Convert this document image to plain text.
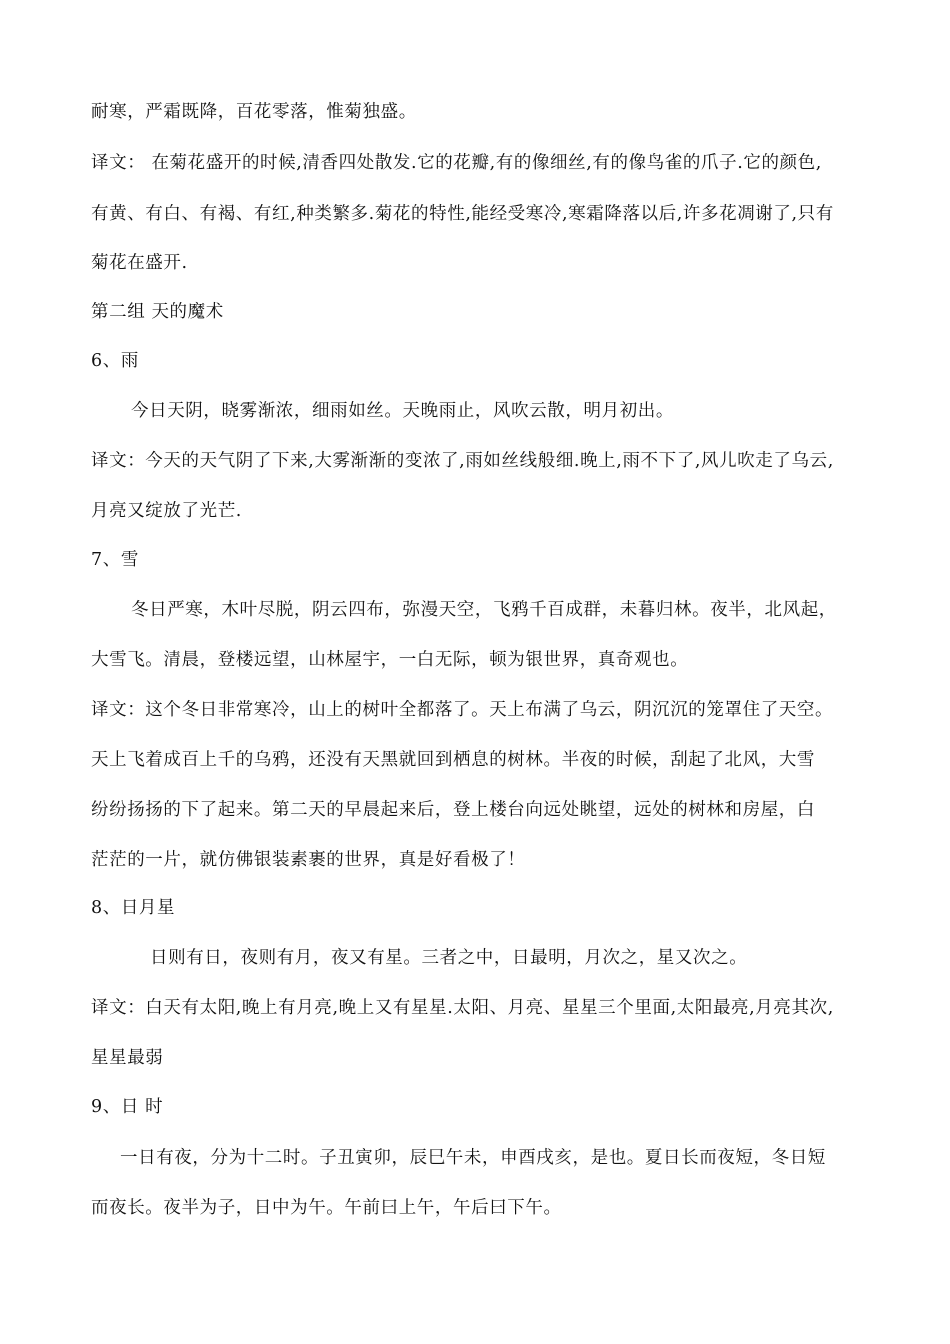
耐寒，严霜既降，百花零落，惟菊独盛。
译文： 在菊花盛开的时候,清香四处散发.它的花瓣,有的像细丝,有的像鸟雀的爪子.它的颜色,
有黄、有白、有褐、有红,种类繁多.菊花的特性,能经受寒冷,寒霜降落以后,许多花凋谢了,只有
菊花在盛开.
第二组 天的魔术
6、雨
今日天阴，晓雾渐浓，细雨如丝。天晚雨止，风吹云散，明月初出。
译文：今天的天气阴了下来,大雾渐渐的变浓了,雨如丝线般细.晚上,雨不下了,风儿吹走了乌云,
月亮又绽放了光芒.
7、雪
冬日严寒，木叶尽脱，阴云四布，弥漫天空，飞鸦千百成群，未暮归林。夜半，北风起，
大雪飞。清晨，登楼远望，山林屋宇，一白无际，顿为银世界，真奇观也。
译文：这个冬日非常寒冷，山上的树叶全都落了。天上布满了乌云，阴沉沉的笼罩住了天空。
天上飞着成百上千的乌鸦，还没有天黑就回到栖息的树林。半夜的时候，刮起了北风，大雪
纷纷扬扬的下了起来。第二天的早晨起来后，登上楼台向远处眺望，远处的树林和房屋，白
茫茫的一片，就仿佛银装素裹的世界，真是好看极了！
8、日月星
日则有日，夜则有月，夜又有星。三者之中，日最明，月次之，星又次之。
译文：白天有太阳,晚上有月亮,晚上又有星星.太阳、月亮、星星三个里面,太阳最亮,月亮其次,
星星最弱
9、日 时
一日有夜，分为十二时。子丑寅卯，辰巳午未，申酉戌亥，是也。夏日长而夜短，冬日短
而夜长。夜半为子，日中为午。午前曰上午，午后曰下午。
